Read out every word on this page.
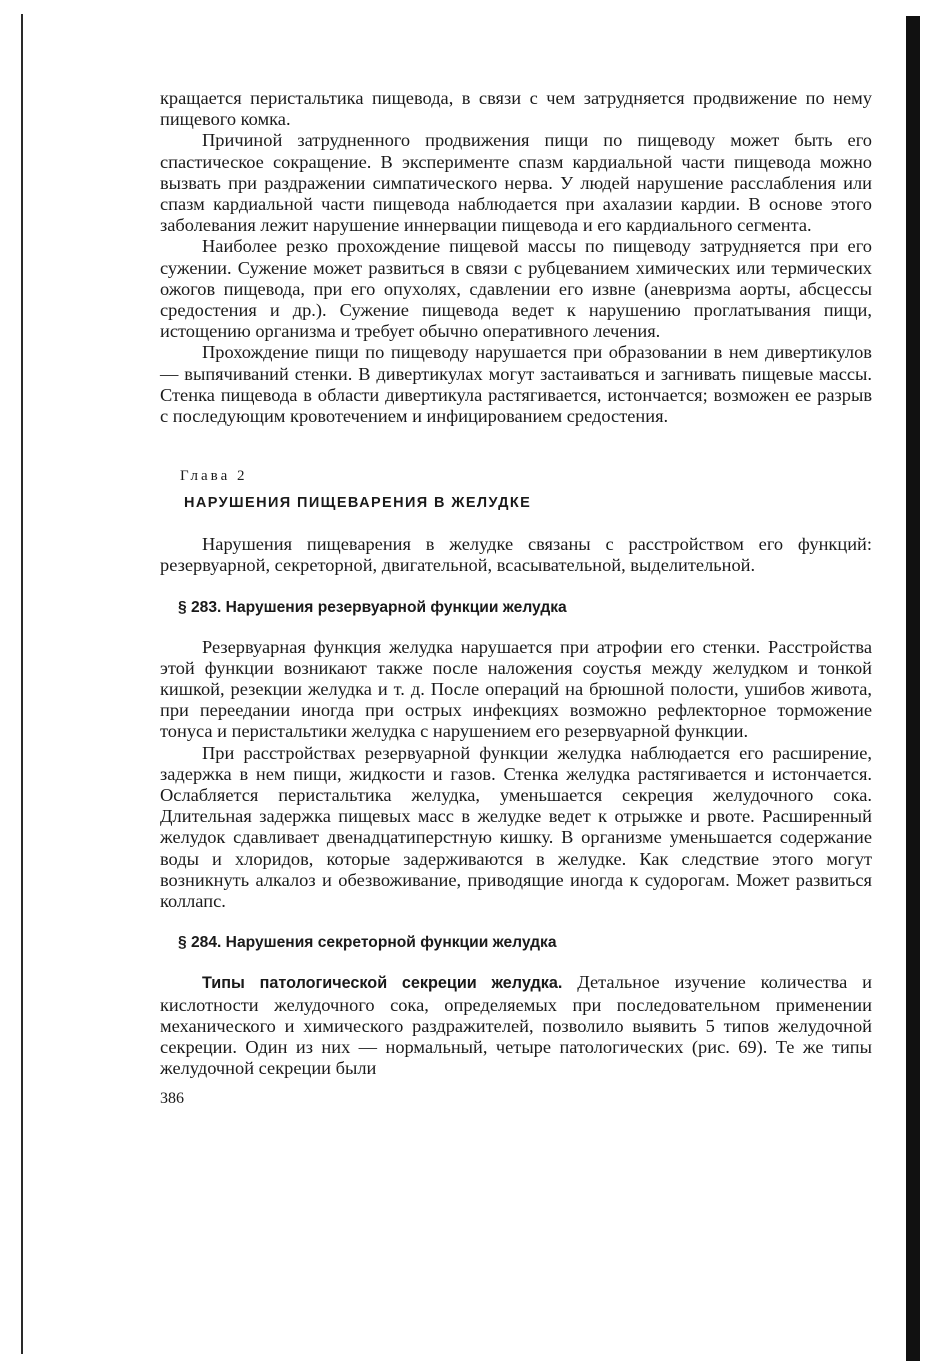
кращается перистальтика пищевода, в связи с чем затрудняется продвижение по нему пищевого комка.

Причиной затрудненного продвижения пищи по пищеводу может быть его спастическое сокращение. В эксперименте спазм кардиальной части пищевода можно вызвать при раздражении симпатического нерва. У людей нарушение расслабления или спазм кардиальной части пищевода наблюдается при ахалазии кардии. В основе этого заболевания лежит нарушение иннервации пищевода и его кардиального сегмента.

Наиболее резко прохождение пищевой массы по пищеводу затрудняется при его сужении. Сужение может развиться в связи с рубцеванием химических или термических ожогов пищевода, при его опухолях, сдавлении его извне (аневризма аорты, абсцессы средостения и др.). Сужение пищевода ведет к нарушению проглатывания пищи, истощению организма и требует обычно оперативного лечения.

Прохождение пищи по пищеводу нарушается при образовании в нем дивертикулов — выпячиваний стенки. В дивертикулах могут застаиваться и загнивать пищевые массы. Стенка пищевода в области дивертикула растягивается, истончается; возможен ее разрыв с последующим кровотечением и инфицированием средостения.

Глава 2
НАРУШЕНИЯ ПИЩЕВАРЕНИЯ В ЖЕЛУДКЕ

Нарушения пищеварения в желудке связаны с расстройством его функций: резервуарной, секреторной, двигательной, всасывательной, выделительной.

§ 283. Нарушения резервуарной функции желудка

Резервуарная функция желудка нарушается при атрофии его стенки. Расстройства этой функции возникают также после наложения соустья между желудком и тонкой кишкой, резекции желудка и т. д. После операций на брюшной полости, ушибов живота, при переедании иногда при острых инфекциях возможно рефлекторное торможение тонуса и перистальтики желудка с нарушением его резервуарной функции.

При расстройствах резервуарной функции желудка наблюдается его расширение, задержка в нем пищи, жидкости и газов. Стенка желудка растягивается и истончается. Ослабляется перистальтика желудка, уменьшается секреция желудочного сока. Длительная задержка пищевых масс в желудке ведет к отрыжке и рвоте. Расширенный желудок сдавливает двенадцатиперстную кишку. В организме уменьшается содержание воды и хлоридов, которые задерживаются в желудке. Как следствие этого могут возникнуть алкалоз и обезвоживание, приводящие иногда к судорогам. Может развиться коллапс.

§ 284. Нарушения секреторной функции желудка

Типы патологической секреции желудка. Детальное изучение количества и кислотности желудочного сока, определяемых при последовательном применении механического и химического раздражителей, позволило выявить 5 типов желудочной секреции. Один из них — нормальный, четыре патологических (рис. 69). Те же типы желудочной секреции были

386
